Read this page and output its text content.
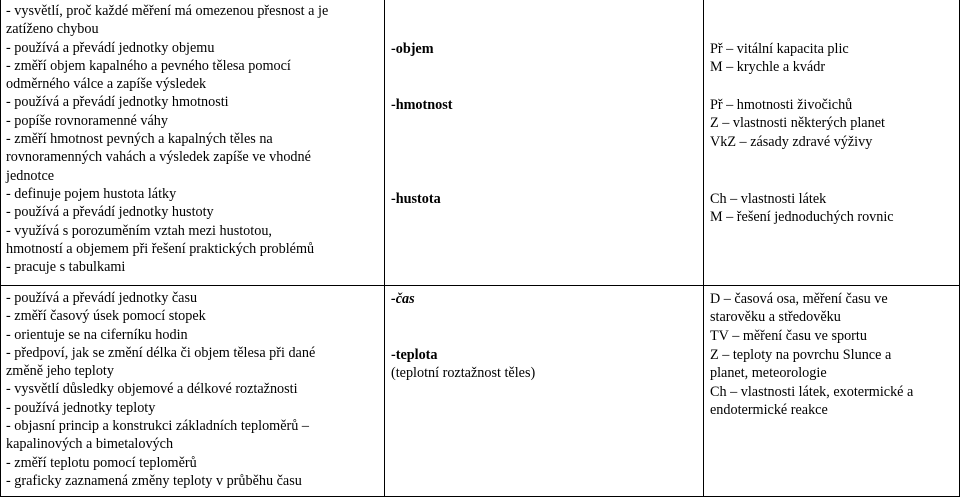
- vysvětlí, proč každé měření má omezenou přesnost a je
zatíženo chybou
- používá a převádí jednotky objemu
- změří objem kapalného a pevného tělesa pomocí
odměrného válce a zapíše výsledek
- používá a převádí jednotky hmotnosti
- popíše rovnoramenné váhy
- změří hmotnost pevných a kapalných těles na
rovnoramenných vahách a výsledek zapíše ve vhodné
jednotce
- definuje pojem hustota látky
- používá a převádí jednotky hustoty
- využívá s porozuměním vztah mezi hustotou,
hmotností a objemem při řešení praktických problémů
- pracuje s tabulkami
-objem
-hmotnost
-hustota
Př – vitální kapacita plic
M – krychle a kvádr
Př – hmotnosti živočichů
Z – vlastnosti některých planet
VkZ – zásady zdravé výživy
Ch – vlastnosti látek
M – řešení jednoduchých rovnic
- používá a převádí jednotky času
- změří časový úsek pomocí stopek
- orientuje se na ciferníku hodin
- předpoví, jak se změní délka či objem tělesa při dané
změně jeho teploty
- vysvětlí důsledky objemové a délkové roztažnosti
- používá jednotky teploty
- objasní princip a konstrukci základních teploměrů –
kapalinových a bimetalových
- změří teplotu pomocí teploměrů
- graficky zaznamená změny teploty v průběhu času
-čas
-teplota
(teplotní roztažnost těles)
D – časová osa, měření času ve
starověku a středověku
TV – měření času ve sportu
Z – teploty na povrchu Slunce a
planet, meteorologie
Ch – vlastnosti látek, exotermické a
endotermické reakce
